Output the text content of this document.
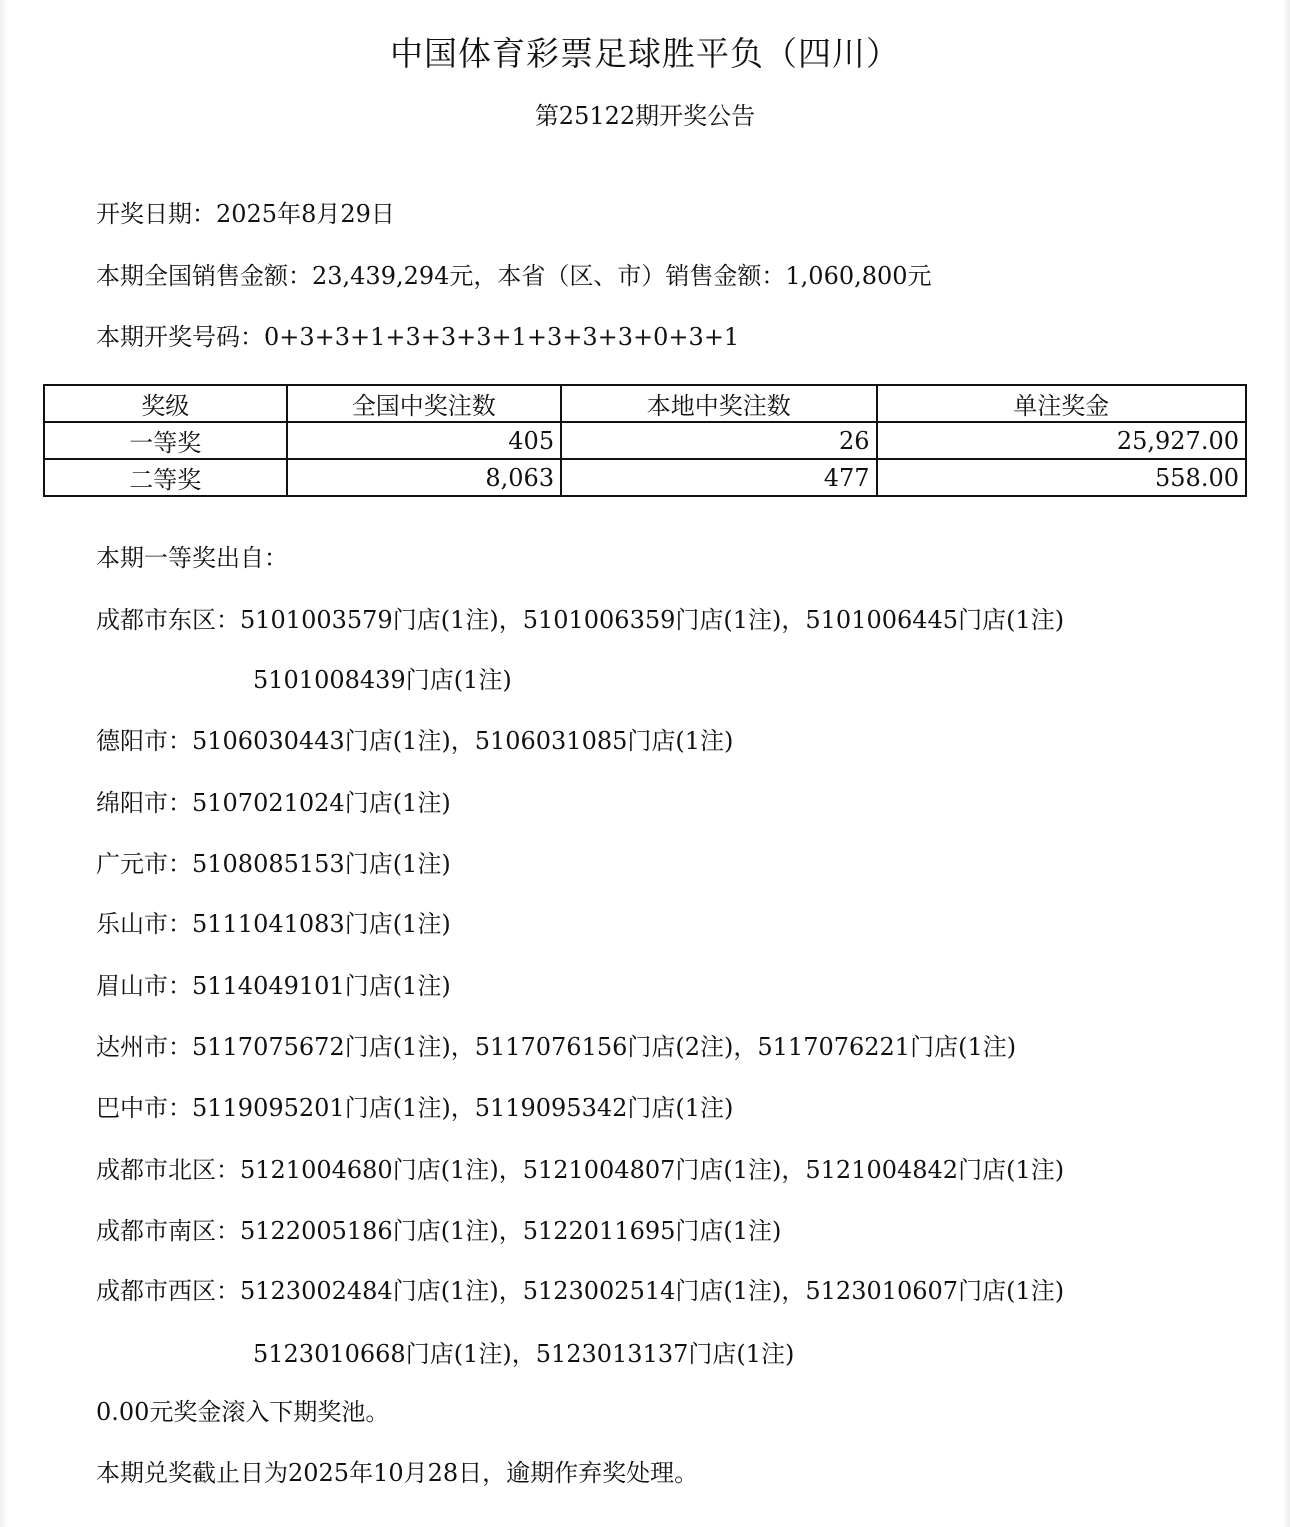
中国体育彩票足球胜平负（四川）
第25122期开奖公告
开奖日期：2025年8月29日
本期全国销售金额：23,439,294元，本省（区、市）销售金额：1,060,800元
本期开奖号码：0+3+3+1+3+3+3+1+3+3+3+0+3+1
奖级	全国中奖注数	本地中奖注数	单注奖金
一等奖	405	26	25,927.00
二等奖	8,063	477	558.00
本期一等奖出自：
成都市东区：5101003579门店(1注)，5101006359门店(1注)，5101006445门店(1注)
5101008439门店(1注)
德阳市：5106030443门店(1注)，5106031085门店(1注)
绵阳市：5107021024门店(1注)
广元市：5108085153门店(1注)
乐山市：5111041083门店(1注)
眉山市：5114049101门店(1注)
达州市：5117075672门店(1注)，5117076156门店(2注)，5117076221门店(1注)
巴中市：5119095201门店(1注)，5119095342门店(1注)
成都市北区：5121004680门店(1注)，5121004807门店(1注)，5121004842门店(1注)
成都市南区：5122005186门店(1注)，5122011695门店(1注)
成都市西区：5123002484门店(1注)，5123002514门店(1注)，5123010607门店(1注)
5123010668门店(1注)，5123013137门店(1注)
0.00元奖金滚入下期奖池。
本期兑奖截止日为2025年10月28日，逾期作弃奖处理。
